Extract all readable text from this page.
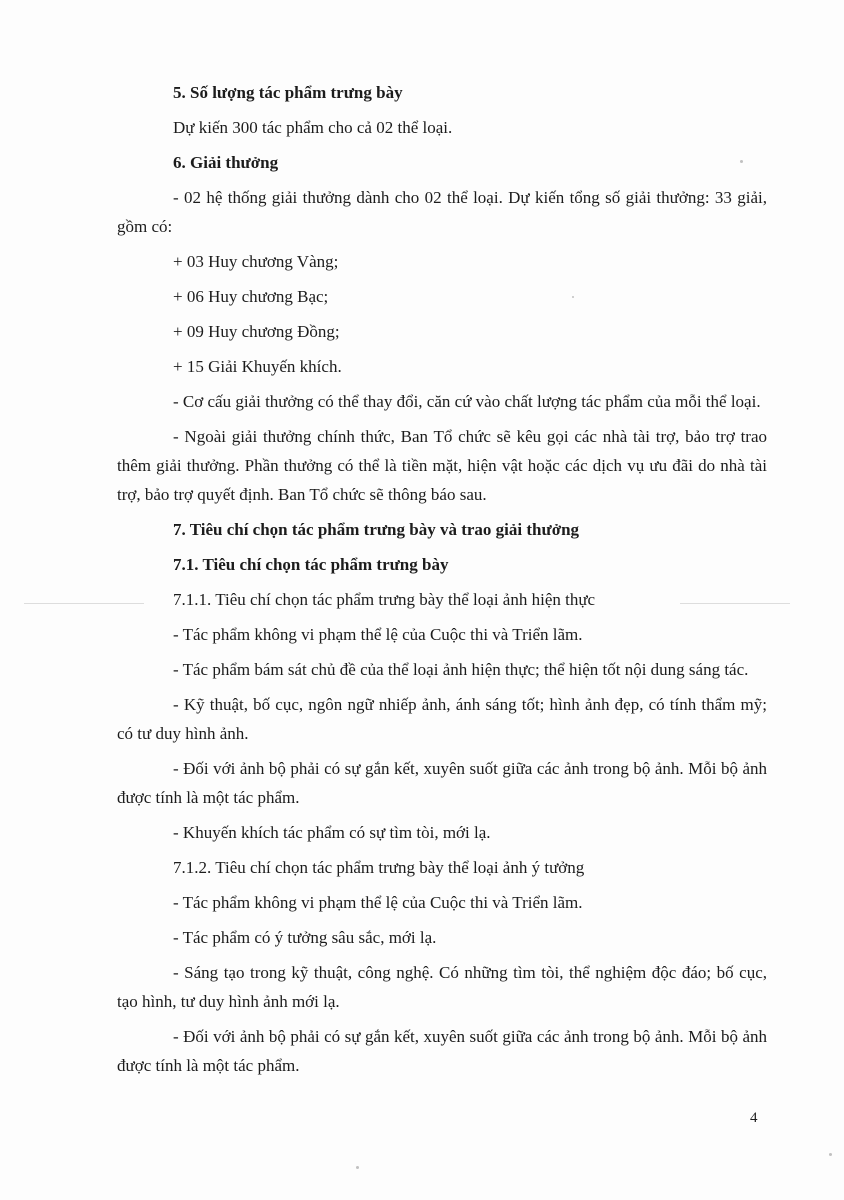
5. Số lượng tác phẩm trưng bày

Dự kiến 300 tác phẩm cho cả 02 thể loại.

6. Giải thưởng

- 02 hệ thống giải thưởng dành cho 02 thể loại. Dự kiến tổng số giải thưởng: 33 giải, gồm có:

+ 03 Huy chương Vàng;

+ 06 Huy chương Bạc;

+ 09 Huy chương Đồng;

+ 15 Giải Khuyến khích.

- Cơ cấu giải thưởng có thể thay đổi, căn cứ vào chất lượng tác phẩm của mỗi thể loại.

- Ngoài giải thưởng chính thức, Ban Tổ chức sẽ kêu gọi các nhà tài trợ, bảo trợ trao thêm giải thưởng. Phần thưởng có thể là tiền mặt, hiện vật hoặc các dịch vụ ưu đãi do nhà tài trợ, bảo trợ quyết định. Ban Tổ chức sẽ thông báo sau.

7. Tiêu chí chọn tác phẩm trưng bày và trao giải thưởng

7.1. Tiêu chí chọn tác phẩm trưng bày

7.1.1. Tiêu chí chọn tác phẩm trưng bày thể loại ảnh hiện thực

- Tác phẩm không vi phạm thể lệ của Cuộc thi và Triển lãm.

- Tác phẩm bám sát chủ đề của thể loại ảnh hiện thực; thể hiện tốt nội dung sáng tác.

- Kỹ thuật, bố cục, ngôn ngữ nhiếp ảnh, ánh sáng tốt; hình ảnh đẹp, có tính thẩm mỹ; có tư duy hình ảnh.

- Đối với ảnh bộ phải có sự gắn kết, xuyên suốt giữa các ảnh trong bộ ảnh. Mỗi bộ ảnh được tính là một tác phẩm.

- Khuyến khích tác phẩm có sự tìm tòi, mới lạ.

7.1.2. Tiêu chí chọn tác phẩm trưng bày thể loại ảnh ý tưởng

- Tác phẩm không vi phạm thể lệ của Cuộc thi và Triển lãm.

- Tác phẩm có ý tưởng sâu sắc, mới lạ.

- Sáng tạo trong kỹ thuật, công nghệ. Có những tìm tòi, thể nghiệm độc đáo; bố cục, tạo hình, tư duy hình ảnh mới lạ.

- Đối với ảnh bộ phải có sự gắn kết, xuyên suốt giữa các ảnh trong bộ ảnh. Mỗi bộ ảnh được tính là một tác phẩm.

4
